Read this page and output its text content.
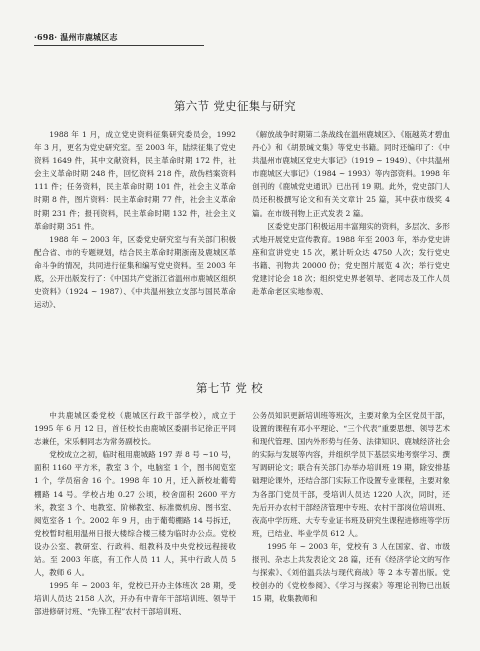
·698· 温州市鹿城区志
第六节 党史征集与研究

1988 年 1 月，成立党史资料征集研究委员会，1992 年 3 月，更名为党史研究室。至 2003 年，陆续征集了党史资料 1649 件，其中文献资料，民主革命时期 172 件，社会主义革命时期 248 件，回忆资料 218 件，敌伪档案资料 111 件；任务资料，民主革命时期 101 件，社会主义革命时期 8 件，图片资料：民主革命时期 77 件，社会主义革命时期 231 件；报刊资料，民主革命时期 132 件，社会主义革命时期 351 件。

1988 年 ~ 2003 年，区委党史研究室与有关部门积极配合省、市的专题规划，结合民主革命时期浙南及鹿城区革命斗争的情况，共同进行征集和编写党史资料。至 2003 年底，公开出版发行了：《中国共产党浙江省温州市鹿城区组织史资料》（1924 ~ 1987）、《中共温州独立支部与国民革命运动》、

《解放战争时期第二条战线在温州鹿城区》、《瓯越英才碧血丹心》和《胡景瑊文集》等党史书籍。同时还编印了：《中共温州市鹿城区党史大事记》（1919 ~ 1949）、《中共温州市鹿城区大事记》（1984 ~ 1993）等内部资料。1998 年创刊的《鹿城党史通讯》已出刊 19 期。此外，党史部门人员还积极撰写论文和有关文章计 25 篇，其中获市级奖 4 篇。在市级刊物上正式发表 2 篇。

区委党史部门积极运用丰富翔实的资料，多层次、多形式地开展党史宣传教育。1988 年至 2003 年，举办党史讲座和宣讲党史 15 次，累计听众达 4750 人次；发行党史书籍、刊物共 20000 份；党史图片展览 4 次；举行党史党建讨论会 18 次；组织党史界老领导、老同志及工作人员赴革命老区实地参观、

第七节 党 校

中共鹿城区委党校（鹿城区行政干部学校），成立于 1995 年 6 月 12 日，首任校长由鹿城区委副书记徐正平同志兼任，宋乐桐同志为常务副校长。

党校成立之初，临时租用鹿城路 197 弄 8 号 ~10 号，面积 1160 平方米，教室 3 个，电脑室 1 个，图书阅览室 1 个，学员宿舍 16 个。1998 年 10 月，迁入新校址葡萄棚路 14 号。学校占地 0.27 公顷，校舍面积 2600 平方米，教室 3 个、电教室、阶梯教室、标准微机房、图书室、阅览室各 1 个。2002 年 9 月，由于葡萄棚路 14 号拆迁，党校暂时租用温州日报大楼综合楼三楼为临时办公点。党校设办公室、教研室、行政科、组教科及中央党校远程接收站。至 2003 年底，有工作人员 11 人，其中行政人员 5 人，教师 6 人。

1995 年 ~ 2003 年，党校已开办主体班次 28 期，受培训人员达 2158 人次，开办有中青年干部培训班、领导干部进修研讨班、“先锋工程”农村干部培训班、

公务员知识更新培训班等班次，主要对象为全区党员干部，设置的课程有邓小平理论、“三个代表”重要思想、领导艺术和现代管理、国内外形势与任务、法律知识、鹿城经济社会的实际与发展等内容，并组织学员下基层实地考察学习、撰写调研论文；联合有关部门办举办培训班 19 期，除安排基础理论课外，还结合部门实际工作设置专业课程，主要对象为各部门党员干部，受培训人员达 1220 人次，同时，还先后开办农村干部经济管理中专班、农村干部岗位培训班、夜高中学历班、大专专业证书班及研究生课程进修班等学历班，已结业、毕业学员 612 人。

1995 年 ~ 2003 年，党校有 3 人在国家、省、市级报刊、杂志上共发表论文 28 篇，还有《经济学论文的写作与探索》、《刘伯温兵法与现代商战》等 2 本专著出版。党校创办的《党校参阅》、《学习与探索》等理论刊物已出版 15 期，收集教师和
